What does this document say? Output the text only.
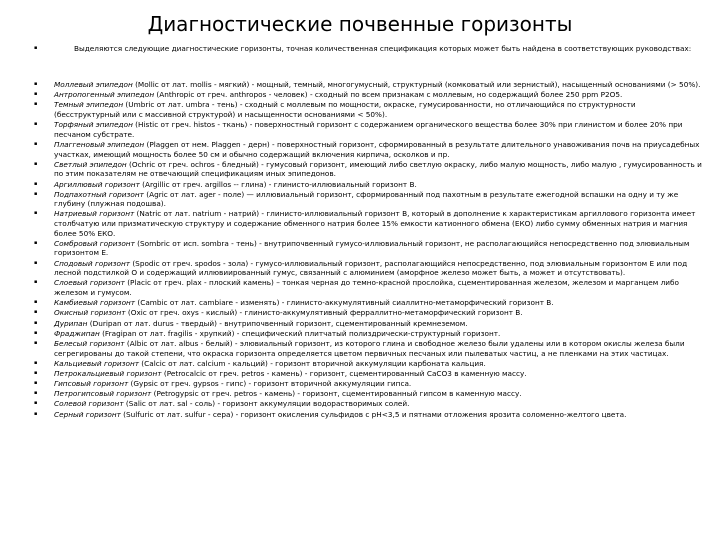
Диагностические почвенные горизонты
▪	Выделяются следующие диагностические горизонты, точная количественная спецификация которых может быть найдена в соответствующих руководствах:
▪ Моллевый эпипедон (Mollic от лат. mollis - мягкий) - мощный, темный, многогумусный, структурный (комковатый или зернистый), насыщенный основаниями (> 50%).
▪ Антропогенный эпипедон (Anthropic от греч. anthropos - человек) - сходный по всем признакам с моллевым, но содержащий более 250 ppm P2O5.
▪ Темный эпипедон (Umbric от лат. umbra - тень) - сходный с моллевым по мощности, окраске, гумусированности, но отличающийся по структурности (бесструктурный или с массивной структурой) и насыщенности основаниями < 50%).
▪ Торфяный эпипедон (Histic от греч. histos - ткань) - поверхностный горизонт с содержанием органического вещества более 30% при глинистом и более 20% при песчаном субстрате.
▪ Плаггеновый эпипедон (Plaggen от нем. Plaggen - дерн) - поверхностный горизонт, сформированный в результате длительного унавоживания почв на приусадебных участках, имеющий мощность более 50 см и обычно содержащий включения кирпича, осколков и пр.
▪ Светлый эпипедон (Ochric от греч. ochros - бледный) - гумусовый горизонт, имеющий либо светлую окраску, либо малую мощность, либо малую , гумусированность и по этим показателям не отвечающий спецификациям иных эпипедонов.
▪ Аргиллювый горизонт (Argillic от греч. argillos -- глина) - глинисто-иллювиальный горизонт В.
▪ Подпахотный горизонт (Agric от лат. ager - поле) — иллювиальный горизонт, сформированный под пахотным в результате ежегодной вспашки на одну и ту же глубину (плужная подошва).
▪ Натриевый горизонт (Natric от лат. natrium - натрий) - глинисто-иллювиальный горизонт В, который в дополнение к характеристикам аргиллового горизонта имеет столбчатую или призматическую структуру и содержание обменного натрия более 15% емкости катионного обмена (ЕКО) либо сумму обменных натрия и магния более 50% ЕКО.
▪ Сомбровый горизонт (Sombric от исп. sombra - тень) - внутрипочвенный гумусо-иллювиальный горизонт, не располагающийся непосредственно под элювиальным горизонтом Е.
▪ Сподовый горизонт (Spodic от греч. spodos - зола) - гумусо-иллювиальный горизонт, располагающийся непосредственно, под элювиальным горизонтом Е или под лесной подстилкой О и содержащий иллювиированный гумус, связанный с алюминием (аморфное железо может быть, а может и отсутствовать).
▪ Слоевый горизонт (Placic от греч. plax - плоский камень) – тонкая черная до темно-красной прослойка, сцементированная железом, железом и марганцем либо железом и гумусом.
▪ Камбиевый горизонт (Cambic от лат. cambiare - изменять) - глинисто-аккумулятивный сиаллитно-метаморфический горизонт В.
▪ Окисный горизонт (Oxic от греч. oxys - кислый) - глинисто-аккумулятивный ферраллитно-метаморфический горизонт В.
▪ Дурипан (Duripan от лат. durus - твердый) - внутрипочвенный горизонт, сцементированный кремнеземом.
▪ Фраджипан (Fragipan от лат. fragilis - хрупкий) - специфический плитчатый полиздрически-структурный горизонт.
▪ Белесый горизонт (Albic от лат. albus - белый) - элювиальный горизонт, из которого глина и свободное железо были удалены или в котором окислы железа были сегрегированы до такой степени, что окраска горизонта определяется цветом первичных песчаных или пылеватых частиц, а не пленками на этих частицах.
▪ Кальциевый горизонт (Calcic от лат. calcium - кальций) - горизонт вторичной аккумуляции карбоната кальция.
▪ Петрокальциевый горизонт (Petrocalcic от греч. petros - камень) - горизонт, сцементированный CaCO3 в каменную массу.
▪ Гипсовый горизонт (Gypsic от греч. gypsos - гипс) - горизонт вторичной аккумуляции гипса.
▪ Петрогипсовый горизонт (Petrogypsic от греч. petros - камень) - горизонт, сцементированный гипсом в каменную массу.
▪ Солевой горизонт (Salic от лат. sal - соль) - горизонт аккумуляции водорастворимых солей.
▪ Серный горизонт (Sulfuric от лат. sulfur - сера) - горизонт окисления сульфидов с pH<3,5 и пятнами отложения ярозита соломенно-желтого цвета.
